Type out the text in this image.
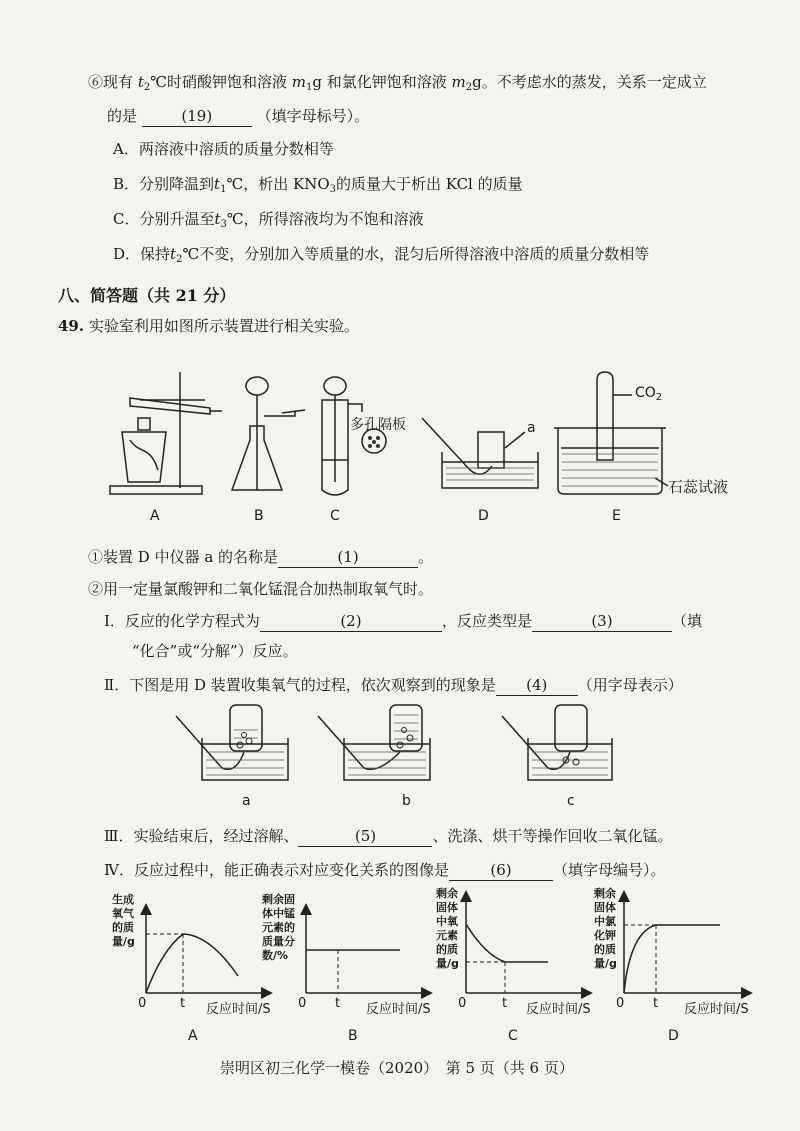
⑥现有 $t_2℃$时硝酸钾饱和溶液 $m_1g$ 和氯化钾饱和溶液 $m_2g$。不考虑水的蒸发，关系一定成立
的是	(19)	（填字母标号）。
A．两溶液中溶质的质量分数相等
B．分别降温到$t_1℃$，析出 $KNO_3$的质量大于析出 KCl 的质量
C．分别升温至$t_3℃$，所得溶液均为不饱和溶液
D．保持$t_2℃$不变，分别加入等质量的水，混匀后所得溶液中溶质的质量分数相等
八、简答题（共 21 分）
49. 实验室利用如图所示装置进行相关实验。
A	B	C	D	E
多孔隔板	a
$CO_2$
石蕊试液
①装置 D 中仪器 a 的名称是	(1)	。
②用一定量氯酸钾和二氧化锰混合加热制取氧气时。
Ⅰ．反应的化学方程式为	(2)	，反应类型是	(3)	（填
“化合”或“分解”）反应。
Ⅱ．下图是用 D 装置收集氧气的过程，依次观察到的现象是 (4) （用字母表示）
a	b	c
Ⅲ．实验结束后，经过溶解、	(5)	、洗涤、烘干等操作回收二氧化锰。
Ⅳ．反应过程中，能正确表示对应变化关系的图像是	(6)	（填字母编号）。
生成
氧气
的质
量/g
0	t 反应时间/S
A
剩余固
体中锰
元素的
质量分
数/%
0 t 反应时间/S
B
剩余
固体
中氧
元素
的质
量/g
0	t 反应时间/S
C
剩余
固体
中氯
化钾
的质
量/g
0 t 反应时间/S
D
崇明区初三化学一模卷（2020）　第 5 页（共 6 页）
